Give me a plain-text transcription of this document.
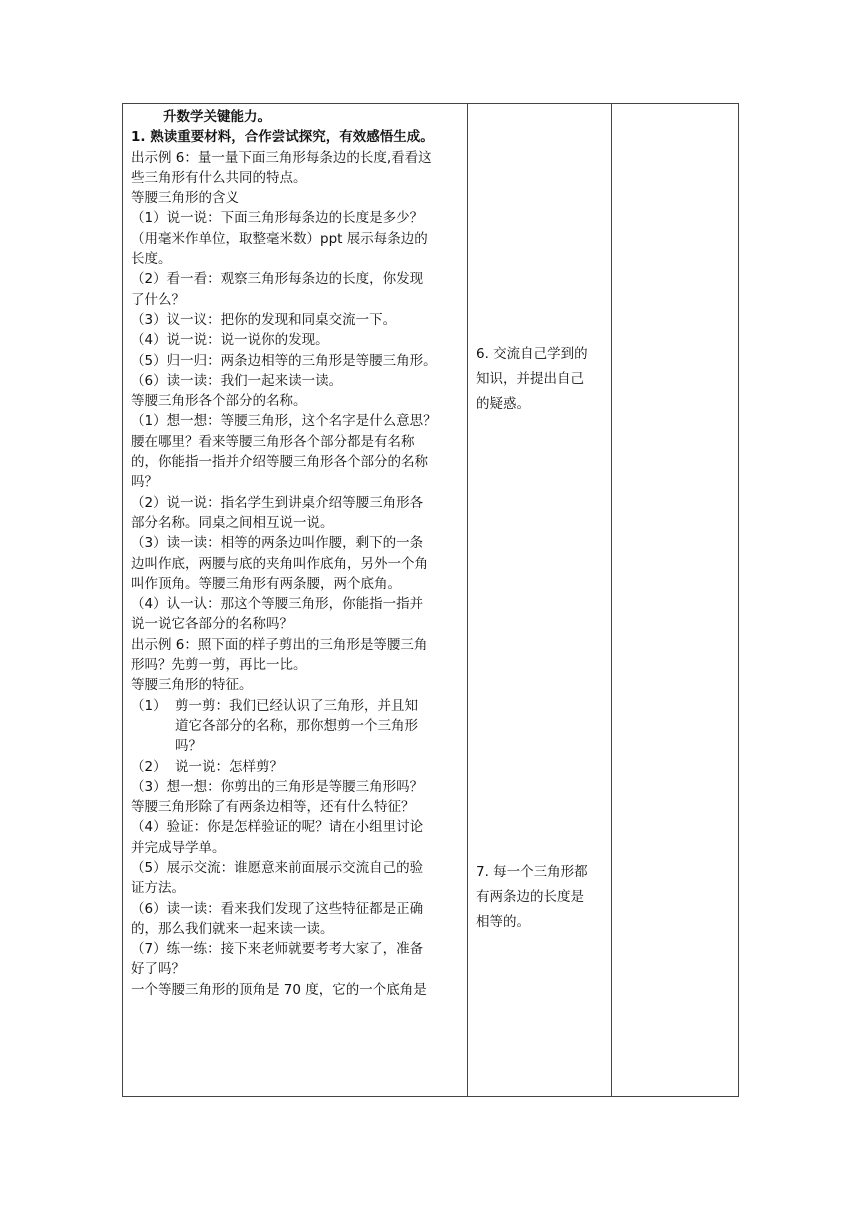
升数学关键能力。
1. 熟读重要材料，合作尝试探究，有效感悟生成。
出示例 6：量一量下面三角形每条边的长度,看看这
些三角形有什么共同的特点。
等腰三角形的含义
（1）说一说：下面三角形每条边的长度是多少？
（用毫米作单位，取整毫米数）ppt 展示每条边的
长度。
（2）看一看：观察三角形每条边的长度，你发现
了什么？
（3）议一议：把你的发现和同桌交流一下。
（4）说一说：说一说你的发现。
（5）归一归：两条边相等的三角形是等腰三角形。
（6）读一读：我们一起来读一读。
等腰三角形各个部分的名称。
（1）想一想：等腰三角形，这个名字是什么意思？
腰在哪里？看来等腰三角形各个部分都是有名称
的，你能指一指并介绍等腰三角形各个部分的名称
吗？
（2）说一说：指名学生到讲桌介绍等腰三角形各
部分名称。同桌之间相互说一说。
（3）读一读：相等的两条边叫作腰，剩下的一条
边叫作底，两腰与底的夹角叫作底角，另外一个角
叫作顶角。等腰三角形有两条腰，两个底角。
（4）认一认：那这个等腰三角形，你能指一指并
说一说它各部分的名称吗？
出示例 6：照下面的样子剪出的三角形是等腰三角
形吗？先剪一剪，再比一比。
等腰三角形的特征。
（1） 剪一剪：我们已经认识了三角形，并且知
道它各部分的名称，那你想剪一个三角形
吗？
（2） 说一说：怎样剪？
（3）想一想：你剪出的三角形是等腰三角形吗？
等腰三角形除了有两条边相等，还有什么特征？
（4）验证：你是怎样验证的呢？请在小组里讨论
并完成导学单。
（5）展示交流：谁愿意来前面展示交流自己的验
证方法。
（6）读一读：看来我们发现了这些特征都是正确
的，那么我们就来一起来读一读。
（7）练一练：接下来老师就要考考大家了，准备
好了吗？
一个等腰三角形的顶角是 70 度，它的一个底角是
6. 交流自己学到的
知识，并提出自己
的疑惑。
7. 每一个三角形都
有两条边的长度是
相等的。
